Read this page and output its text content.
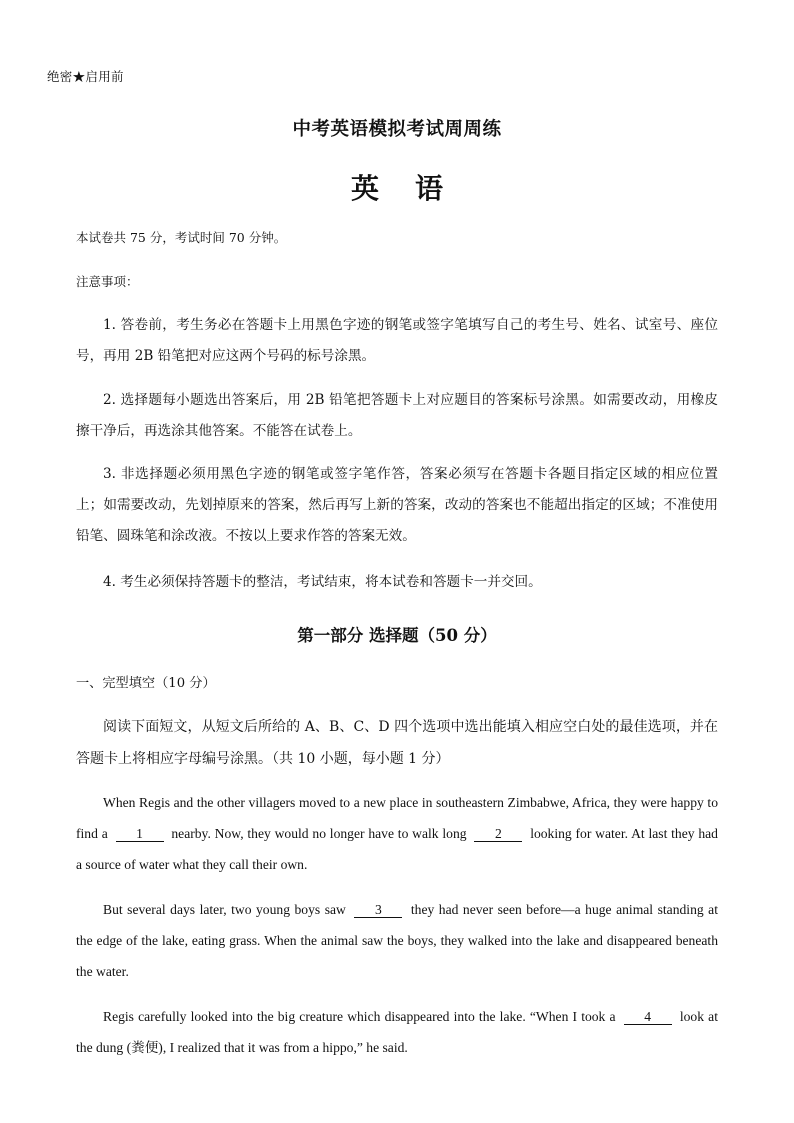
绝密★启用前
中考英语模拟考试周周练
英 语
本试卷共 75 分，考试时间 70 分钟。
注意事项：
1. 答卷前，考生务必在答题卡上用黑色字迹的钢笔或签字笔填写自己的考生号、姓名、试室号、座位号，再用 2B 铅笔把对应这两个号码的标号涂黑。
2. 选择题每小题选出答案后，用 2B 铅笔把答题卡上对应题目的答案标号涂黑。如需要改动，用橡皮擦干净后，再选涂其他答案。不能答在试卷上。
3. 非选择题必须用黑色字迹的钢笔或签字笔作答，答案必须写在答题卡各题目指定区域的相应位置上；如需要改动，先划掉原来的答案，然后再写上新的答案，改动的答案也不能超出指定的区域；不准使用铅笔、圆珠笔和涂改液。不按以上要求作答的答案无效。
4. 考生必须保持答题卡的整洁，考试结束，将本试卷和答题卡一并交回。
第一部分 选择题（50 分）
一、完型填空（10 分）
阅读下面短文，从短文后所给的 A、B、C、D 四个选项中选出能填入相应空白处的最佳选项，并在答题卡上将相应字母编号涂黑。（共 10 小题，每小题 1 分）
When Regis and the other villagers moved to a new place in southeastern Zimbabwe, Africa, they were happy to find a 1 nearby. Now, they would no longer have to walk long 2 looking for water. At last they had a source of water what they call their own.
But several days later, two young boys saw 3 they had never seen before—a huge animal standing at the edge of the lake, eating grass. When the animal saw the boys, they walked into the lake and disappeared beneath the water.
Regis carefully looked into the big creature which disappeared into the lake. “When I took a 4 look at the dung (粪便), I realized that it was from a hippo,” he said.
